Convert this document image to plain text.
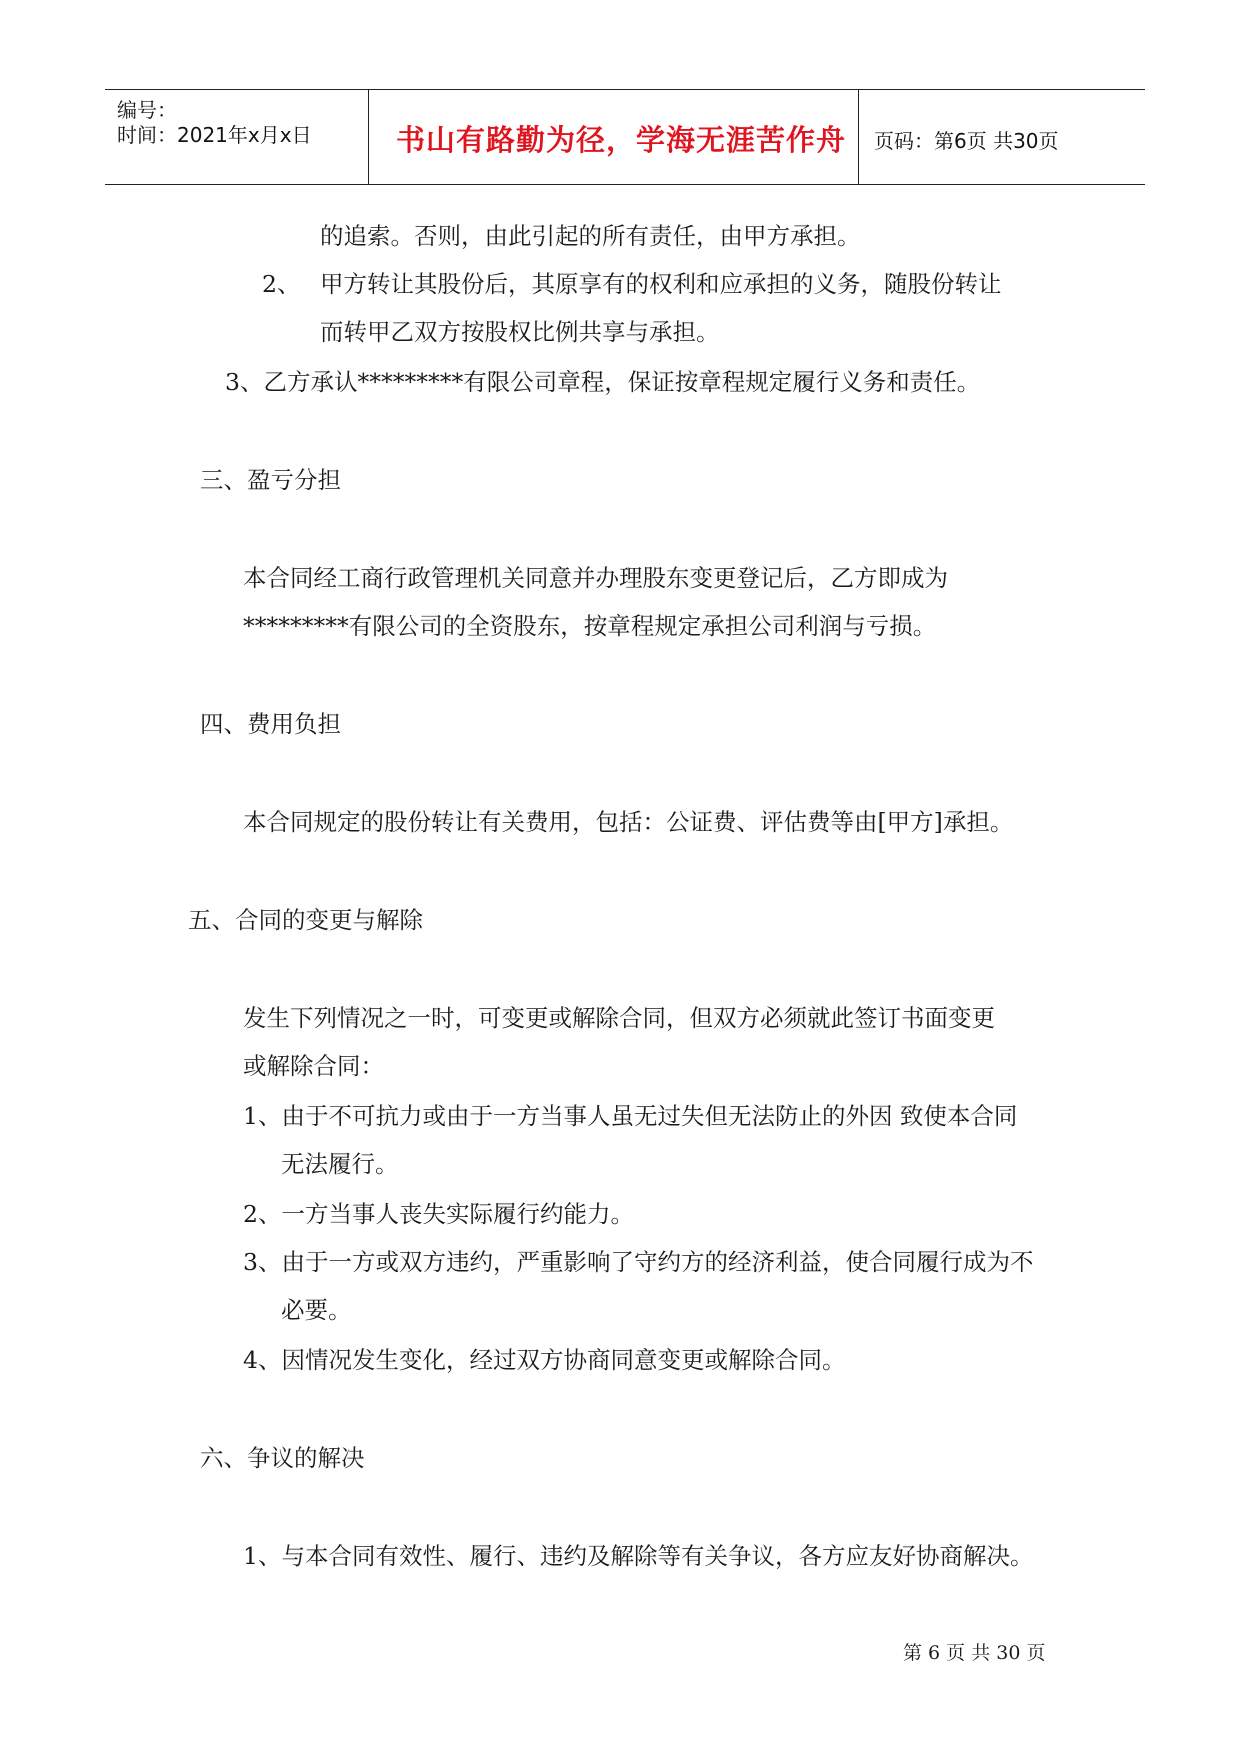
编号：
时间：2021年x月x日	书山有路勤为径，学海无涯苦作舟 页码：第6页 共30页
的追索。否则，由此引起的所有责任，由甲方承担。
2、 甲方转让其股份后，其原享有的权利和应承担的义务，随股份转让
而转甲乙双方按股权比例共享与承担。
3、乙方承认*********有限公司章程，保证按章程规定履行义务和责任。
三、盈亏分担
本合同经工商行政管理机关同意并办理股东变更登记后，乙方即成为
*********有限公司的全资股东，按章程规定承担公司利润与亏损。
四、费用负担
本合同规定的股份转让有关费用，包括：公证费、评估费等由[甲方]承担。
五、合同的变更与解除
发生下列情况之一时，可变更或解除合同，但双方必须就此签订书面变更
或解除合同：
1、由于不可抗力或由于一方当事人虽无过失但无法防止的外因 致使本合同
无法履行。
2、一方当事人丧失实际履行约能力。
3、由于一方或双方违约，严重影响了守约方的经济利益，使合同履行成为不
必要。
4、因情况发生变化，经过双方协商同意变更或解除合同。
六、争议的解决
1、与本合同有效性、履行、违约及解除等有关争议，各方应友好协商解决。
第 6 页 共 30 页
